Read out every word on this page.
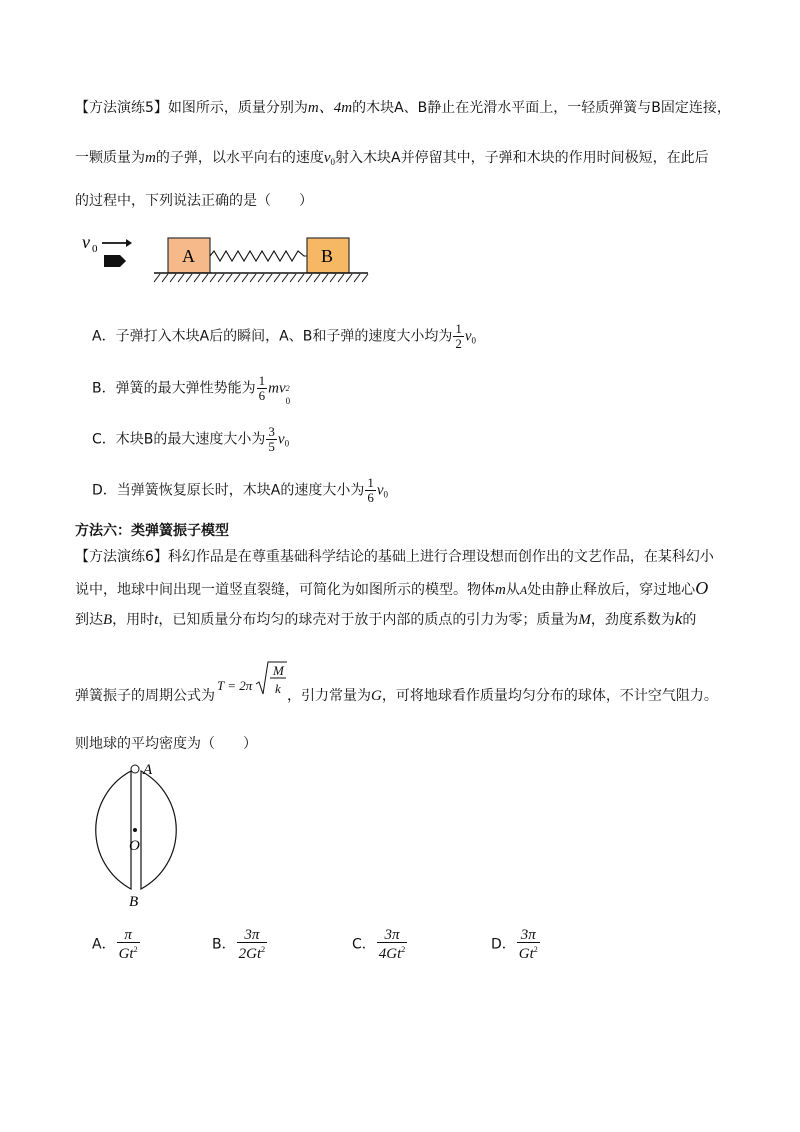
【方法演练5】如图所示，质量分别为m、4m的木块A、B静止在光滑水平面上，一轻质弹簧与B固定连接，
一颗质量为m的子弹，以水平向右的速度$v_0$射入木块A并停留其中，子弹和木块的作用时间极短，在此后
的过程中，下列说法正确的是（　　）
v 0	A	B
A．子弹打入木块A后的瞬间，A、B和子弹的速度大小均为 $\frac{1}{2} v_0$
B．弹簧的最大弹性势能为 $\frac{1}{6}$ mv 2
0
C．木块B的最大速度大小为 $\frac{3}{5} v_0$
D．当弹簧恢复原长时，木块A的速度大小为 $\frac{1}{6} v_0$
方法六：类弹簧振子模型
【方法演练6】科幻作品是在尊重基础科学结论的基础上进行合理设想而创作出的文艺作品，在某科幻小
说中，地球中间出现一道竖直裂缝，可简化为如图所示的模型。物体m从A处由静止释放后，穿过地心O
到达B，用时t，已知质量分布均匀的球壳对于放于内部的质点的引力为零；质量为M，劲度系数为k的
弹簧振子的周期公式为
T = 2π
M
k ，引力常量为G，可将地球看作质量均匀分布的球体，不计空气阻力。
则地球的平均密度为（　　）
A
O
B
A． $\frac{\pi}{Gt^2}$	B． $\frac{3\pi}{2Gt^2}$	C． $\frac{3\pi}{4Gt^2}$	D． $\frac{3\pi}{Gt^2}$
